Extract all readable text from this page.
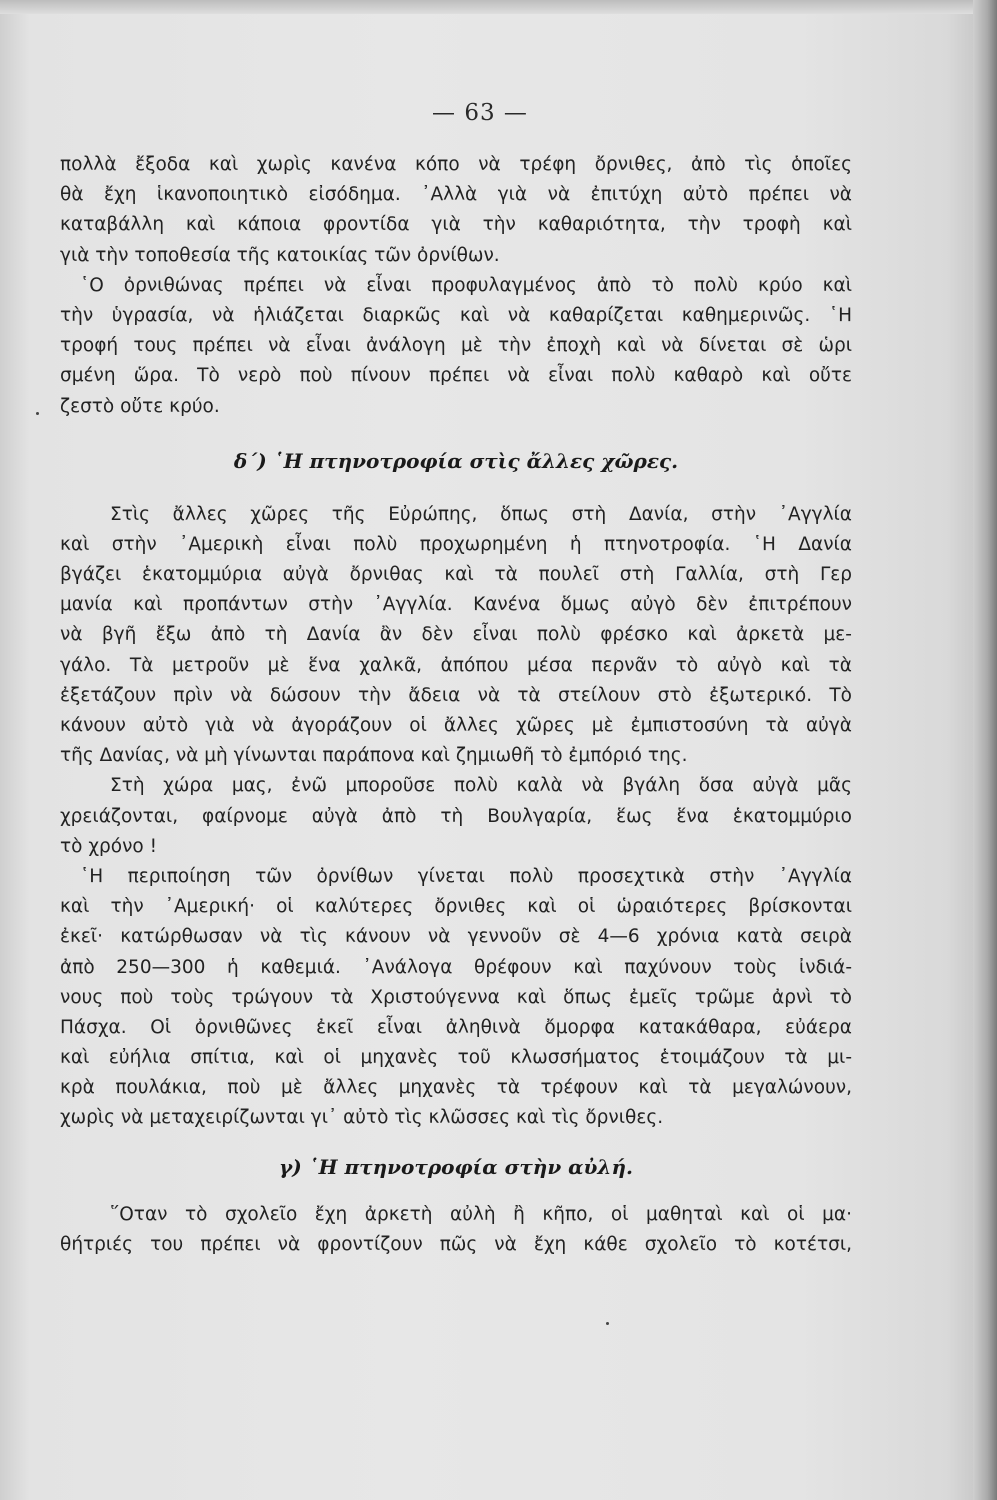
— 63 —
πολλὰ ἔξοδα καὶ χωρὶς κανένα κόπο νὰ τρέφη ὄρνιθες, ἀπὸ τὶς ὁποῖες
θὰ ἔχη ἱκανοποιητικὸ εἰσόδημα. ᾽Αλλὰ γιὰ νὰ ἐπιτύχη αὐτὸ πρέπει νὰ
καταβάλλη καὶ κάποια φροντίδα γιὰ τὴν καθαριότητα, τὴν τροφὴ καὶ
γιὰ τὴν τοποθεσία τῆς κατοικίας τῶν ὀρνίθων.
῾Ο ὀρνιθώνας πρέπει νὰ εἶναι προφυλαγμένος ἀπὸ τὸ πολὺ κρύο καὶ
τὴν ὑγρασία, νὰ ἡλιάζεται διαρκῶς καὶ νὰ καθαρίζεται καθημερινῶς. ῾Η
τροφή τους πρέπει νὰ εἶναι ἀνάλογη μὲ τὴν ἐποχὴ καὶ νὰ δίνεται σὲ ὡρι
σμένη ὥρα. Τὸ νερὸ ποὺ πίνουν πρέπει νὰ εἶναι πολὺ καθαρὸ καὶ οὔτε
ζεστὸ οὔτε κρύο.
δ΄) ῾Η πτηνοτροφία στὶς ἄλλες χῶρες.
Στὶς ἄλλες χῶρες τῆς Εὐρώπης, ὅπως στὴ Δανία, στὴν ᾽Αγγλία
καὶ στὴν ᾽Αμερικὴ εἶναι πολὺ προχωρημένη ἡ πτηνοτροφία. ῾Η Δανία
βγάζει ἑκατομμύρια αὐγὰ ὄρνιθας καὶ τὰ πουλεῖ στὴ Γαλλία, στὴ Γερ
μανία καὶ προπάντων στὴν ᾽Αγγλία. Κανένα ὅμως αὐγὸ δὲν ἐπιτρέπουν
νὰ βγῆ ἔξω ἀπὸ τὴ Δανία ἂν δὲν εἶναι πολὺ φρέσκο καὶ ἀρκετὰ με-
γάλο. Τὰ μετροῦν μὲ ἕνα χαλκᾶ, ἀπόπου μέσα περνᾶν τὸ αὐγὸ καὶ τὰ
ἐξετάζουν πρὶν νὰ δώσουν τὴν ἄδεια νὰ τὰ στείλουν στὸ ἐξωτερικό. Τὸ
κάνουν αὐτὸ γιὰ νὰ ἀγοράζουν οἱ ἄλλες χῶρες μὲ ἐμπιστοσύνη τὰ αὐγὰ
τῆς Δανίας, νὰ μὴ γίνωνται παράπονα καὶ ζημιωθῆ τὸ ἐμπόριό της.
Στὴ χώρα μας, ἐνῶ μποροῦσε πολὺ καλὰ νὰ βγάλη ὅσα αὐγὰ μᾶς
χρειάζονται, φαίρνομε αὐγὰ ἀπὸ τὴ Βουλγαρία, ἕως ἕνα ἑκατομμύριο
τὸ χρόνο !
῾Η περιποίηση τῶν ὀρνίθων γίνεται πολὺ προσεχτικὰ στὴν ᾽Αγγλία
καὶ τὴν ᾽Αμερική· οἱ καλύτερες ὄρνιθες καὶ οἱ ὡραιότερες βρίσκονται
ἐκεῖ· κατώρθωσαν νὰ τὶς κάνουν νὰ γεννοῦν σὲ 4—6 χρόνια κατὰ σειρὰ
ἀπὸ 250—300 ἡ καθεμιά. ᾽Ανάλογα θρέφουν καὶ παχύνουν τοὺς ἰνδιά-
νους ποὺ τοὺς τρώγουν τὰ Χριστούγεννα καὶ ὅπως ἐμεῖς τρῶμε ἀρνὶ τὸ
Πάσχα. Οἱ ὀρνιθῶνες ἐκεῖ εἶναι ἀληθινὰ ὄμορφα κατακάθαρα, εὐάερα
καὶ εὐήλια σπίτια, καὶ οἱ μηχανὲς τοῦ κλωσσήματος ἑτοιμάζουν τὰ μι-
κρὰ πουλάκια, ποὺ μὲ ἄλλες μηχανὲς τὰ τρέφουν καὶ τὰ μεγαλώνουν,
χωρὶς νὰ μεταχειρίζωνται γι᾽ αὐτὸ τὶς κλῶσσες καὶ τὶς ὄρνιθες.
γ) ῾Η πτηνοτροφία στὴν αὐλή.
῞Οταν τὸ σχολεῖο ἔχη ἀρκετὴ αὐλὴ ἢ κῆπο, οἱ μαθηταὶ καὶ οἱ μα·
θήτριές του πρέπει νὰ φροντίζουν πῶς νὰ ἔχη κάθε σχολεῖο τὸ κοτέτσι,
